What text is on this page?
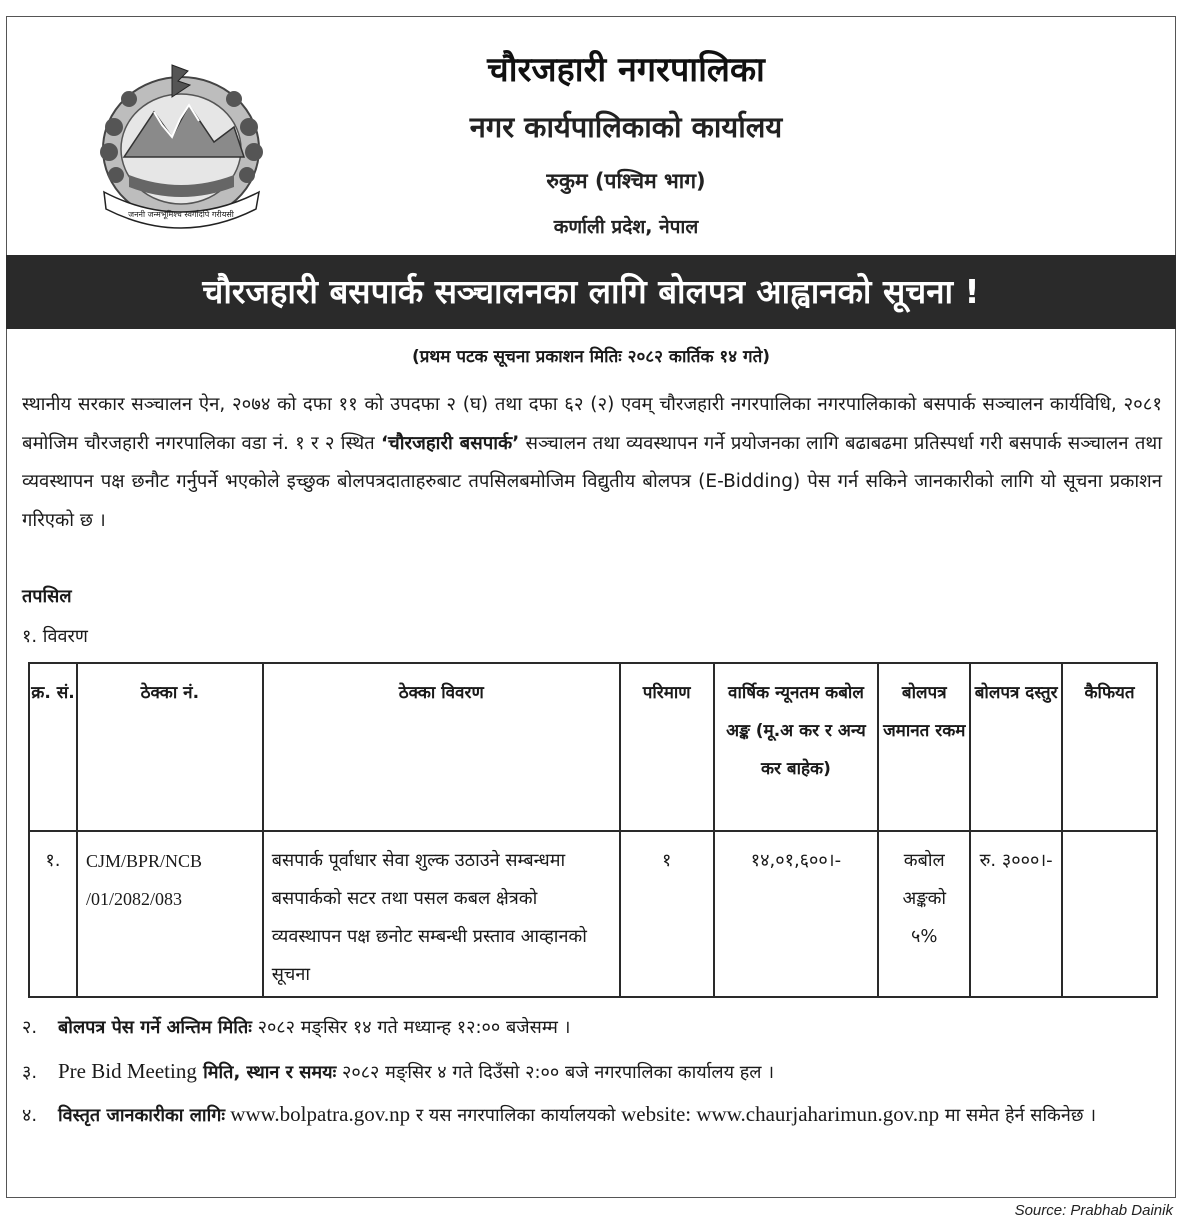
जननी जन्मभूमिश्च स्वर्गादपि गरीयसी
चौरजहारी नगरपालिका
नगर कार्यपालिकाको कार्यालय
रुकुम (पश्चिम भाग)
कर्णाली प्रदेश, नेपाल
चौरजहारी बसपार्क सञ्चालनका लागि बोलपत्र आह्वानको सूचना !
(प्रथम पटक सूचना प्रकाशन मितिः २०८२ कार्तिक १४ गते)
स्थानीय सरकार सञ्चालन ऐन, २०७४ को दफा ११ को उपदफा २ (घ) तथा दफा ६२ (२) एवम् चौरजहारी नगरपालिका नगरपालिकाको बसपार्क सञ्चालन कार्यविधि, २०८१ बमोजिम चौरजहारी नगरपालिका वडा नं. १ र २ स्थित ‘चौरजहारी बसपार्क’ सञ्चालन तथा व्यवस्थापन गर्ने प्रयोजनका लागि बढाबढमा प्रतिस्पर्धा गरी बसपार्क सञ्चालन तथा व्यवस्थापन पक्ष छनौट गर्नुपर्ने भएकोले इच्छुक बोलपत्रदाताहरुबाट तपसिलबमोजिम विद्युतीय बोलपत्र (E-Bidding) पेस गर्न सकिने जानकारीको लागि यो सूचना प्रकाशन गरिएको छ ।
तपसिल
१. विवरण
क्र. सं.	ठेक्का नं.	ठेक्का विवरण	परिमाण	वार्षिक न्यूनतम कबोल अङ्क (मू.अ कर र अन्य कर बाहेक)	बोलपत्र जमानत रकम	बोलपत्र दस्तुर	कैफियत
१.	CJM/BPR/NCB /01/2082/083	बसपार्क पूर्वाधार सेवा शुल्क उठाउने सम्बन्धमा बसपार्कको सटर तथा पसल कबल क्षेत्रको व्यवस्थापन पक्ष छनोट सम्बन्धी प्रस्ताव आव्हानको सूचना	१	१४,०१,६००।-	कबोल अङ्कको ५%	रु. ३०००।-	
२. बोलपत्र पेस गर्ने अन्तिम मितिः २०८२ मङ्सिर १४ गते मध्यान्ह १२:०० बजेसम्म ।
३. Pre Bid Meeting मिति, स्थान र समयः २०८२ मङ्सिर ४ गते दिउँसो २:०० बजे नगरपालिका कार्यालय हल ।
४. विस्तृत जानकारीका लागिः www.bolpatra.gov.np र यस नगरपालिका कार्यालयको website: www.chaurjaharimun.gov.np मा समेत हेर्न सकिनेछ ।
Source: Prabhab Dainik
